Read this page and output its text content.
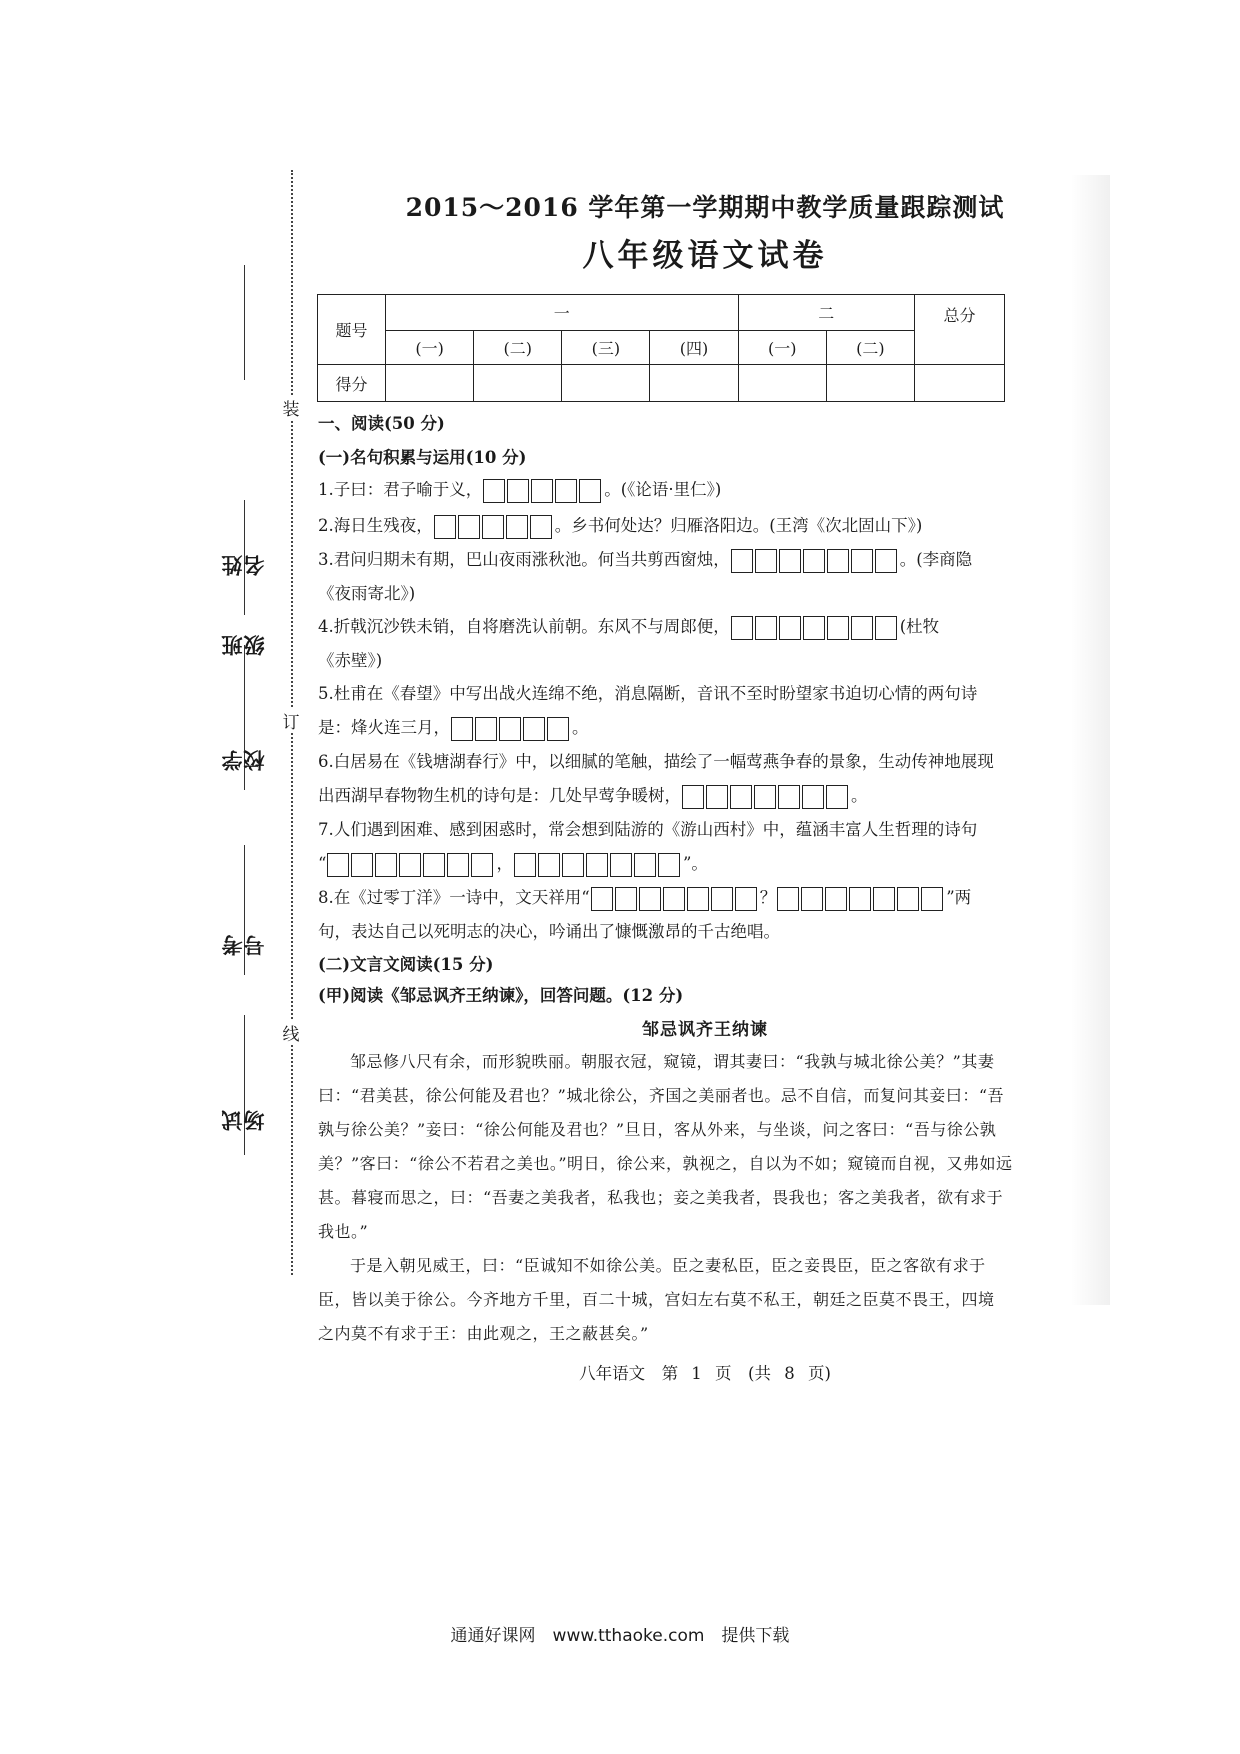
装
订
线
班级
姓名
学校
考号
试场
2015～2016 学年第一学期期中教学质量跟踪测试
八年级语文试卷
题号	一				二		总分
	(一)	(二)	(三)	(四)	(一)	(二)	
得分							
一、阅读(50 分)
(一)名句积累与运用(10 分)
1.子曰：君子喻于义，	。(《论语·里仁》)
2.海日生残夜，	。乡书何处达？归雁洛阳边。(王湾《次北固山下》)
3.君问归期未有期，巴山夜雨涨秋池。何当共剪西窗烛，	。(李商隐
《夜雨寄北》)
4.折戟沉沙铁未销，自将磨洗认前朝。东风不与周郎便，	(杜牧
《赤壁》)
5.杜甫在《春望》中写出战火连绵不绝，消息隔断，音讯不至时盼望家书迫切心情的两句诗
是：烽火连三月，	。
6.白居易在《钱塘湖春行》中，以细腻的笔触，描绘了一幅莺燕争春的景象，生动传神地展现
出西湖早春物物生机的诗句是：几处早莺争暖树，	。
7.人们遇到困难、感到困惑时，常会想到陆游的《游山西村》中，蕴涵丰富人生哲理的诗句
“	，	”。
8.在《过零丁洋》一诗中，文天祥用“	？	”两
句，表达自己以死明志的决心，吟诵出了慷慨激昂的千古绝唱。
(二)文言文阅读(15 分)
(甲)阅读《邹忌讽齐王纳谏》，回答问题。(12 分)
邹忌讽齐王纳谏
邹忌修八尺有余，而形貌昳丽。朝服衣冠，窥镜，谓其妻曰：“我孰与城北徐公美？”其妻
曰：“君美甚，徐公何能及君也？”城北徐公，齐国之美丽者也。忌不自信，而复问其妾曰：“吾
孰与徐公美？”妾曰：“徐公何能及君也？”旦日，客从外来，与坐谈，问之客曰：“吾与徐公孰
美？”客曰：“徐公不若君之美也。”明日，徐公来，孰视之，自以为不如；窥镜而自视，又弗如远
甚。暮寝而思之，曰：“吾妻之美我者，私我也；妾之美我者，畏我也；客之美我者，欲有求于
我也。”
于是入朝见威王，曰：“臣诚知不如徐公美。臣之妻私臣，臣之妾畏臣，臣之客欲有求于
臣，皆以美于徐公。今齐地方千里，百二十城，宫妇左右莫不私王，朝廷之臣莫不畏王，四境
之内莫不有求于王：由此观之，王之蔽甚矣。”
八年语文　第 1 页　(共 8 页)
通通好课网　www.tthaoke.com　提供下载
